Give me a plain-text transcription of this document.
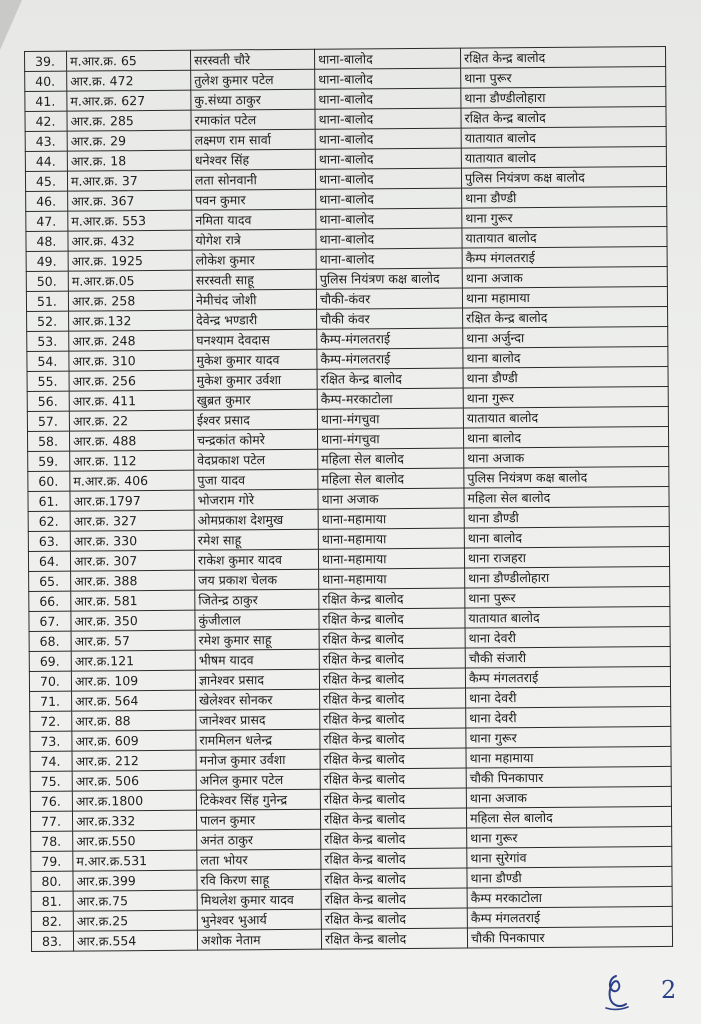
39.	म.आर.क्र. 65	सरस्वती चौरे	थाना-बालोद	रक्षित केन्द्र बालोद
40.	आर.क्र. 472	तुलेश कुमार पटेल	थाना-बालोद	थाना पुरूर
41.	म.आर.क्र. 627	कु.संध्या ठाकुर	थाना-बालोद	थाना डौण्डीलोहारा
42.	आर.क्र. 285	रमाकांत पटेल	थाना-बालोद	रक्षित केन्द्र बालोद
43.	आर.क्र. 29	लक्ष्मण राम सार्वा	थाना-बालोद	यातायात बालोद
44.	आर.क्र. 18	धनेश्वर सिंह	थाना-बालोद	यातायात बालोद
45.	म.आर.क्र. 37	लता सोनवानी	थाना-बालोद	पुलिस नियंत्रण कक्ष बालोद
46.	आर.क्र. 367	पवन कुमार	थाना-बालोद	थाना डौण्डी
47.	म.आर.क्र. 553	नमिता यादव	थाना-बालोद	थाना गुरूर
48.	आर.क्र. 432	योगेश रात्रे	थाना-बालोद	यातायात बालोद
49.	आर.क्र. 1925	लोकेश कुमार	थाना-बालोद	कैम्प मंगलतराई
50.	म.आर.क्र.05	सरस्वती साहू	पुलिस नियंत्रण कक्ष बालोद	थाना अजाक
51.	आर.क्र. 258	नेमीचंद जोशी	चौकी-कंवर	थाना महामाया
52.	आर.क्र.132	देवेन्द्र भण्डारी	चौकी कंवर	रक्षित केन्द्र बालोद
53.	आर.क्र. 248	घनश्याम देवदास	कैम्प-मंगलतराई	थाना अर्जुन्दा
54.	आर.क्र. 310	मुकेश कुमार यादव	कैम्प-मंगलतराई	थाना बालोद
55.	आर.क्र. 256	मुकेश कुमार उर्वशा	रक्षित केन्द्र बालोद	थाना डौण्डी
56.	आर.क्र. 411	खुब्रत कुमार	कैम्प-मरकाटोला	थाना गुरूर
57.	आर.क्र. 22	ईश्वर प्रसाद	थाना-मंगचुवा	यातायात बालोद
58.	आर.क्र. 488	चन्द्रकांत कोमरे	थाना-मंगचुवा	थाना बालोद
59.	आर.क्र. 112	वेदप्रकाश पटेल	महिला सेल बालोद	थाना अजाक
60.	म.आर.क्र. 406	पुजा यादव	महिला सेल बालोद	पुलिस नियंत्रण कक्ष बालोद
61.	आर.क्र.1797	भोजराम गोरे	थाना अजाक	महिला सेल बालोद
62.	आर.क्र. 327	ओमप्रकाश देशमुख	थाना-महामाया	थाना डौण्डी
63.	आर.क्र. 330	रमेश साहू	थाना-महामाया	थाना बालोद
64.	आर.क्र. 307	राकेश कुमार यादव	थाना-महामाया	थाना राजहरा
65.	आर.क्र. 388	जय प्रकाश चेलक	थाना-महामाया	थाना डौण्डीलोहारा
66.	आर.क्र. 581	जितेन्द्र ठाकुर	रक्षित केन्द्र बालोद	थाना पुरूर
67.	आर.क्र. 350	कुंजीलाल	रक्षित केन्द्र बालोद	यातायात बालोद
68.	आर.क्र. 57	रमेश कुमार साहू	रक्षित केन्द्र बालोद	थाना देवरी
69.	आर.क्र.121	भीषम यादव	रक्षित केन्द्र बालोद	चौकी संजारी
70.	आर.क्र. 109	ज्ञानेश्वर प्रसाद	रक्षित केन्द्र बालोद	कैम्प मंगलतराई
71.	आर.क्र. 564	खेलेश्वर सोनकर	रक्षित केन्द्र बालोद	थाना देवरी
72.	आर.क्र. 88	जानेश्वर प्रासद	रक्षित केन्द्र बालोद	थाना देवरी
73.	आर.क्र. 609	राममिलन धलेन्द्र	रक्षित केन्द्र बालोद	थाना गुरूर
74.	आर.क्र. 212	मनोज कुमार उर्वशा	रक्षित केन्द्र बालोद	थाना महामाया
75.	आर.क्र. 506	अनिल कुमार पटेल	रक्षित केन्द्र बालोद	चौकी पिनकापार
76.	आर.क्र.1800	टिकेश्वर सिंह गुनेन्द्र	रक्षित केन्द्र बालोद	थाना अजाक
77.	आर.क्र.332	पालन कुमार	रक्षित केन्द्र बालोद	महिला सेल बालोद
78.	आर.क्र.550	अनंत ठाकुर	रक्षित केन्द्र बालोद	थाना गुरूर
79.	म.आर.क्र.531	लता भोयर	रक्षित केन्द्र बालोद	थाना सुरेगांव
80.	आर.क्र.399	रवि किरण साहू	रक्षित केन्द्र बालोद	थाना डौण्डी
81.	आर.क्र.75	मिथलेश कुमार यादव	रक्षित केन्द्र बालोद	कैम्प मरकाटोला
82.	आर.क्र.25	भुनेश्वर भुआर्य	रक्षित केन्द्र बालोद	कैम्प मंगलतराई
83.	आर.क्र.554	अशोक नेताम	रक्षित केन्द्र बालोद	चौकी पिनकापार
2
